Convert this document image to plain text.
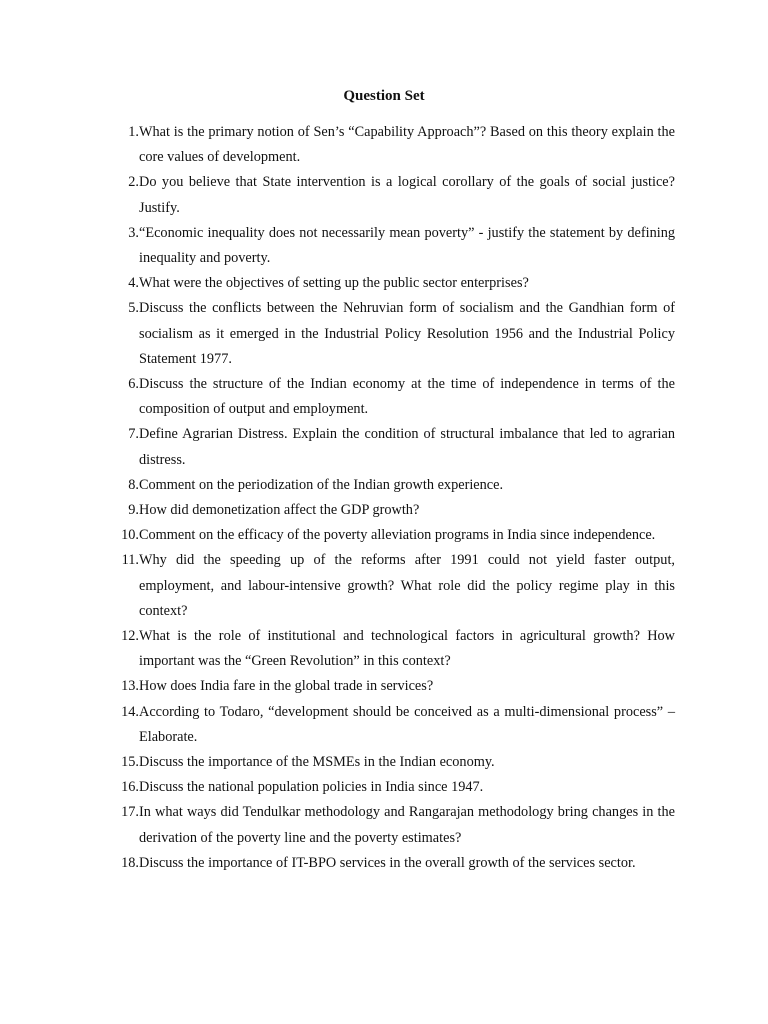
Question Set
1. What is the primary notion of Sen’s “Capability Approach”? Based on this theory explain the core values of development.
2. Do you believe that State intervention is a logical corollary of the goals of social justice? Justify.
3. “Economic inequality does not necessarily mean poverty” - justify the statement by defining inequality and poverty.
4. What were the objectives of setting up the public sector enterprises?
5. Discuss the conflicts between the Nehruvian form of socialism and the Gandhian form of socialism as it emerged in the Industrial Policy Resolution 1956 and the Industrial Policy Statement 1977.
6. Discuss the structure of the Indian economy at the time of independence in terms of the composition of output and employment.
7. Define Agrarian Distress. Explain the condition of structural imbalance that led to agrarian distress.
8. Comment on the periodization of the Indian growth experience.
9. How did demonetization affect the GDP growth?
10. Comment on the efficacy of the poverty alleviation programs in India since independence.
11. Why did the speeding up of the reforms after 1991 could not yield faster output, employment, and labour-intensive growth? What role did the policy regime play in this context?
12. What is the role of institutional and technological factors in agricultural growth? How important was the “Green Revolution” in this context?
13. How does India fare in the global trade in services?
14. According to Todaro, “development should be conceived as a multi-dimensional process” – Elaborate.
15. Discuss the importance of the MSMEs in the Indian economy.
16. Discuss the national population policies in India since 1947.
17. In what ways did Tendulkar methodology and Rangarajan methodology bring changes in the derivation of the poverty line and the poverty estimates?
18. Discuss the importance of IT-BPO services in the overall growth of the services sector.
